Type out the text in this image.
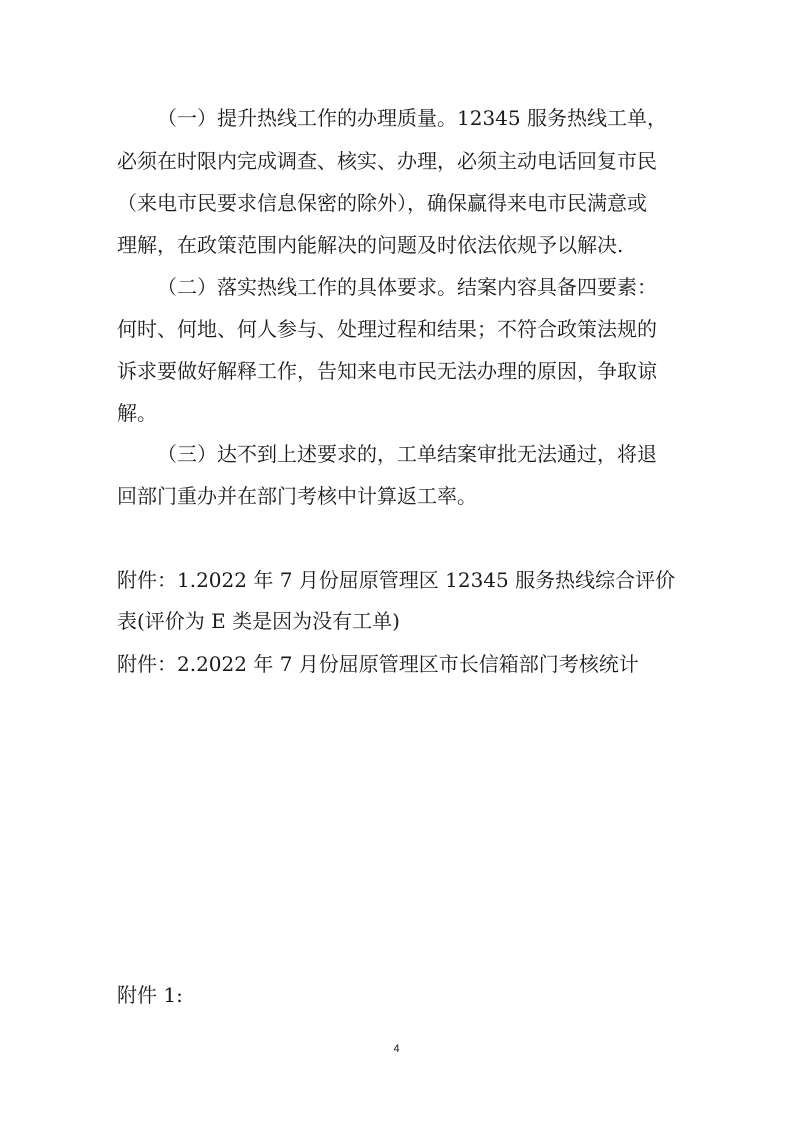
（一）提升热线工作的办理质量。12345 服务热线工单，
必须在时限内完成调查、核实、办理，必须主动电话回复市民
（来电市民要求信息保密的除外），确保赢得来电市民满意或
理解，在政策范围内能解决的问题及时依法依规予以解决.
（二）落实热线工作的具体要求。结案内容具备四要素：
何时、何地、何人参与、处理过程和结果；不符合政策法规的
诉求要做好解释工作，告知来电市民无法办理的原因，争取谅
解。
（三）达不到上述要求的，工单结案审批无法通过，将退
回部门重办并在部门考核中计算返工率。
附件：1.2022 年 7 月份屈原管理区 12345 服务热线综合评价
表(评价为 E 类是因为没有工单)
附件：2.2022 年 7 月份屈原管理区市长信箱部门考核统计
附件 1:
4
